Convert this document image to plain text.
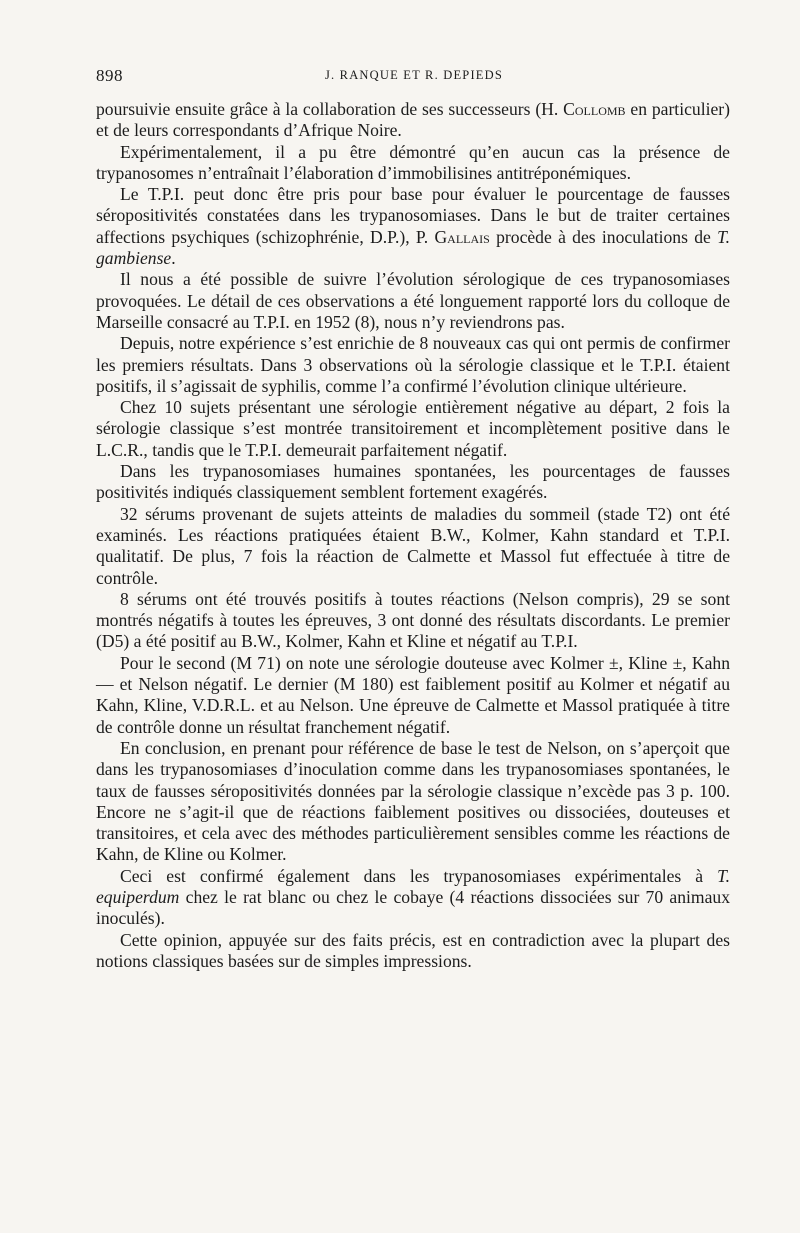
898	J. RANQUE ET R. DEPIEDS

poursuivie ensuite grâce à la collaboration de ses successeurs (H. Collomb en particulier) et de leurs correspondants d’Afrique Noire.

Expérimentalement, il a pu être démontré qu’en aucun cas la présence de trypanosomes n’entraînait l’élaboration d’immobilisines antitréponémiques.

Le T.P.I. peut donc être pris pour base pour évaluer le pourcentage de fausses séropositivités constatées dans les trypanosomiases. Dans le but de traiter certaines affections psychiques (schizophrénie, D.P.), P. Gallais procède à des inoculations de T. gambiense.

Il nous a été possible de suivre l’évolution sérologique de ces trypanosomiases provoquées. Le détail de ces observations a été longuement rapporté lors du colloque de Marseille consacré au T.P.I. en 1952 (8), nous n’y reviendrons pas.

Depuis, notre expérience s’est enrichie de 8 nouveaux cas qui ont permis de confirmer les premiers résultats. Dans 3 observations où la sérologie classique et le T.P.I. étaient positifs, il s’agissait de syphilis, comme l’a confirmé l’évolution clinique ultérieure.

Chez 10 sujets présentant une sérologie entièrement négative au départ, 2 fois la sérologie classique s’est montrée transitoirement et incomplètement positive dans le L.C.R., tandis que le T.P.I. demeurait parfaitement négatif.

Dans les trypanosomiases humaines spontanées, les pourcentages de fausses positivités indiqués classiquement semblent fortement exagérés.

32 sérums provenant de sujets atteints de maladies du sommeil (stade T2) ont été examinés. Les réactions pratiquées étaient B.W., Kolmer, Kahn standard et T.P.I. qualitatif. De plus, 7 fois la réaction de Calmette et Massol fut effectuée à titre de contrôle.

8 sérums ont été trouvés positifs à toutes réactions (Nelson compris), 29 se sont montrés négatifs à toutes les épreuves, 3 ont donné des résultats discordants. Le premier (D5) a été positif au B.W., Kolmer, Kahn et Kline et négatif au T.P.I.

Pour le second (M 71) on note une sérologie douteuse avec Kolmer ±, Kline ±, Kahn — et Nelson négatif. Le dernier (M 180) est faiblement positif au Kolmer et négatif au Kahn, Kline, V.D.R.L. et au Nelson. Une épreuve de Calmette et Massol pratiquée à titre de contrôle donne un résultat franchement négatif.

En conclusion, en prenant pour référence de base le test de Nelson, on s’aperçoit que dans les trypanosomiases d’inoculation comme dans les trypanosomiases spontanées, le taux de fausses séropositivités données par la sérologie classique n’excède pas 3 p. 100. Encore ne s’agit-il que de réactions faiblement positives ou dissociées, douteuses et transitoires, et cela avec des méthodes particulièrement sensibles comme les réactions de Kahn, de Kline ou Kolmer.

Ceci est confirmé également dans les trypanosomiases expérimentales à T. equiperdum chez le rat blanc ou chez le cobaye (4 réactions dissociées sur 70 animaux inoculés).

Cette opinion, appuyée sur des faits précis, est en contradiction avec la plupart des notions classiques basées sur de simples impressions.
